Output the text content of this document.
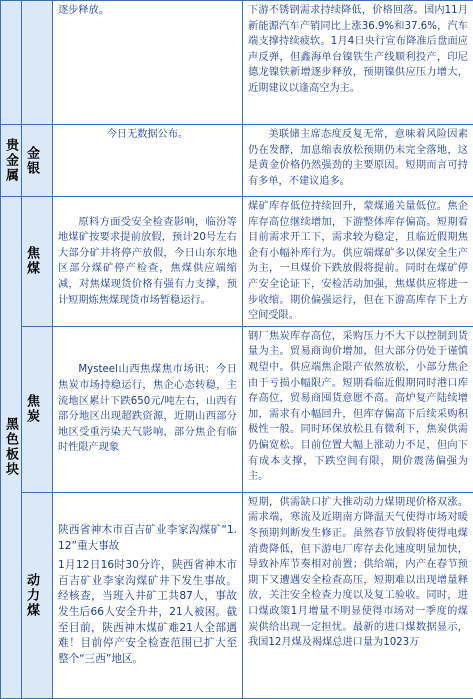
		逐步释放。	下游不锈钢需求持续降低，价格回落。国内11月新能源汽车产销同比上涨36.9%和37.6%，汽车端支撑持续疲软。1月4日央行宣布降准后盘面应声反弹，但鑫海单台镍铁生产线顺利投产，印尼德龙镍铁新增逐步释放，预期镍供应压力增大，近期建议以逢高空为主。

贵金属	金银	今日无数据公布。	美联储主席态度反复无常，意味着风险因素仍在发酵，加息缩表放松预期仍未完全落地，这是黄金价格仍然强劲的主要原因。短期而言可持有多单，不建议追多。

黑色板块	焦煤	原料方面受安全检查影响，临汾等地煤矿按要求提前放假，预计20号左右大部分矿井将停产放假，今日山东东地区部分煤矿停产检查，焦煤供应端缩减，对焦煤现货价格有强有力支撑，预计短期炼焦煤现货市场暂稳运行。	煤矿库存低位持续回升，蒙煤通关量低位。焦企库存高位继续增加，下游整体库存偏高。短期看目前需求开工下，需求较为稳定，且临近假期焦企有小幅补库行为。供应端煤矿多以保安全生产为主，一旦煤价下跌放假将提前。同时在煤矿停产安全论证下，安检活动加强，焦煤供应将进一步收缩。期价偏强运行，但在下游高库存下上方空间受限。

	焦炭	Mysteel山西焦煤焦市场讯：今日焦炭市场持稳运行，焦企心态转稳，主流地区累计下跌650元/吨左右，山西有部分地区出现超跌资源，近期山西部分地区受重污染天气影响，部分焦企有临时性限产现象	钢厂焦炭库存高位，采购压力不大下以控制到货量为主。贸易商询价增加，但大部分仍处于谨慎观望中。供应端焦企限产依然放松，小部分焦企由于亏损小幅限产。短期看临近假期同时港口库存高位，贸易商囤货意愿不高。高炉复产陆续增加，需求有小幅回升，但库存偏高下后续采购积极性一般。同时环保放松且有微利下，焦炭供需仍偏宽松。目前位置大幅上涨动力不足，但向下有成本支撑，下跌空间有限，期价震荡偏强为主。

	动力煤	陕西省神木市百吉矿业李家沟煤矿“1.12”重大事故
1月12日16时30分许，陕西省神木市百吉矿业李家沟煤矿井下发生事故。经核查，当班入井矿工共87人，事故发生后66人安全升井，21人被困。截至目前，陕西神木煤矿难21人全部遇难！目前停产安全检查范围已扩大至整个“三西”地区。	短期，供需缺口扩大推动动力煤期现价格双涨。需求端，寒流及近期南方降温天气使得市场对暖冬预期判断发生修正。虽然春节放假将使得电煤消费降低，但下游电厂库存去化速度明显加快，导致补库节奏相对前置；供给端，内产在春节预期下又遭遇安全检查高压，短期难以出现增量释放，关注安全检查力度以及复工验收。同时，进口煤政策1月增量不明显使得市场对一季度的煤炭供给出现一定担忧。最新的进口煤数据显示，我国12月煤及褐煤总进口量为1023万
